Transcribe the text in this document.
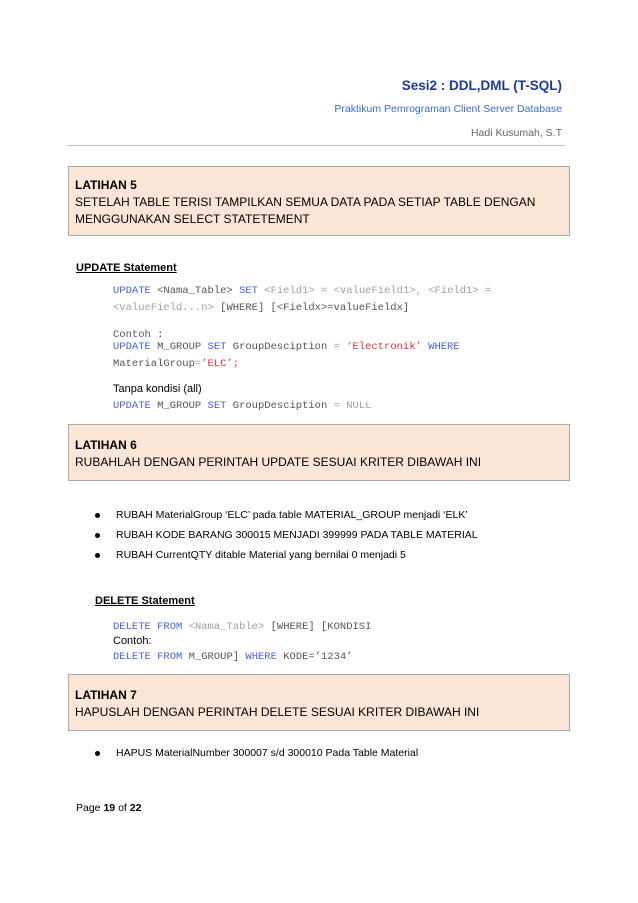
Sesi2 : DDL,DML (T-SQL)
Praktikum Pemrograman Client Server Database
Hadi Kusumah, S.T
LATIHAN 5
SETELAH TABLE TERISI TAMPILKAN SEMUA DATA PADA SETIAP TABLE DENGAN MENGGUNAKAN SELECT STATETEMENT
UPDATE Statement
UPDATE <Nama_Table> SET <Field1> = <valueField1>, <Field1> = <valueField...n> [WHERE] [<Fieldx>=valueFieldx]
Contoh :
UPDATE M_GROUP SET GroupDesciption = ‘Electronik’ WHERE
MaterialGroup=’ELC’;
Tanpa kondisi (all)
UPDATE M_GROUP SET GroupDesciption = NULL
LATIHAN 6
RUBAHLAH DENGAN PERINTAH UPDATE SESUAI KRITER DIBAWAH INI
RUBAH MaterialGroup ‘ELC’ pada table MATERIAL_GROUP menjadi ‘ELK’
RUBAH KODE BARANG 300015 MENJADI 399999 PADA TABLE MATERIAL
RUBAH CurrentQTY ditable Material yang bernilai 0 menjadi 5
DELETE Statement
DELETE FROM <Nama_Table> [WHERE] [KONDISI
Contoh:
DELETE FROM M_GROUP] WHERE KODE=’1234’
LATIHAN 7
HAPUSLAH DENGAN PERINTAH DELETE SESUAI KRITER DIBAWAH INI
HAPUS MaterialNumber 300007 s/d 300010 Pada Table Material
Page 19 of 22
